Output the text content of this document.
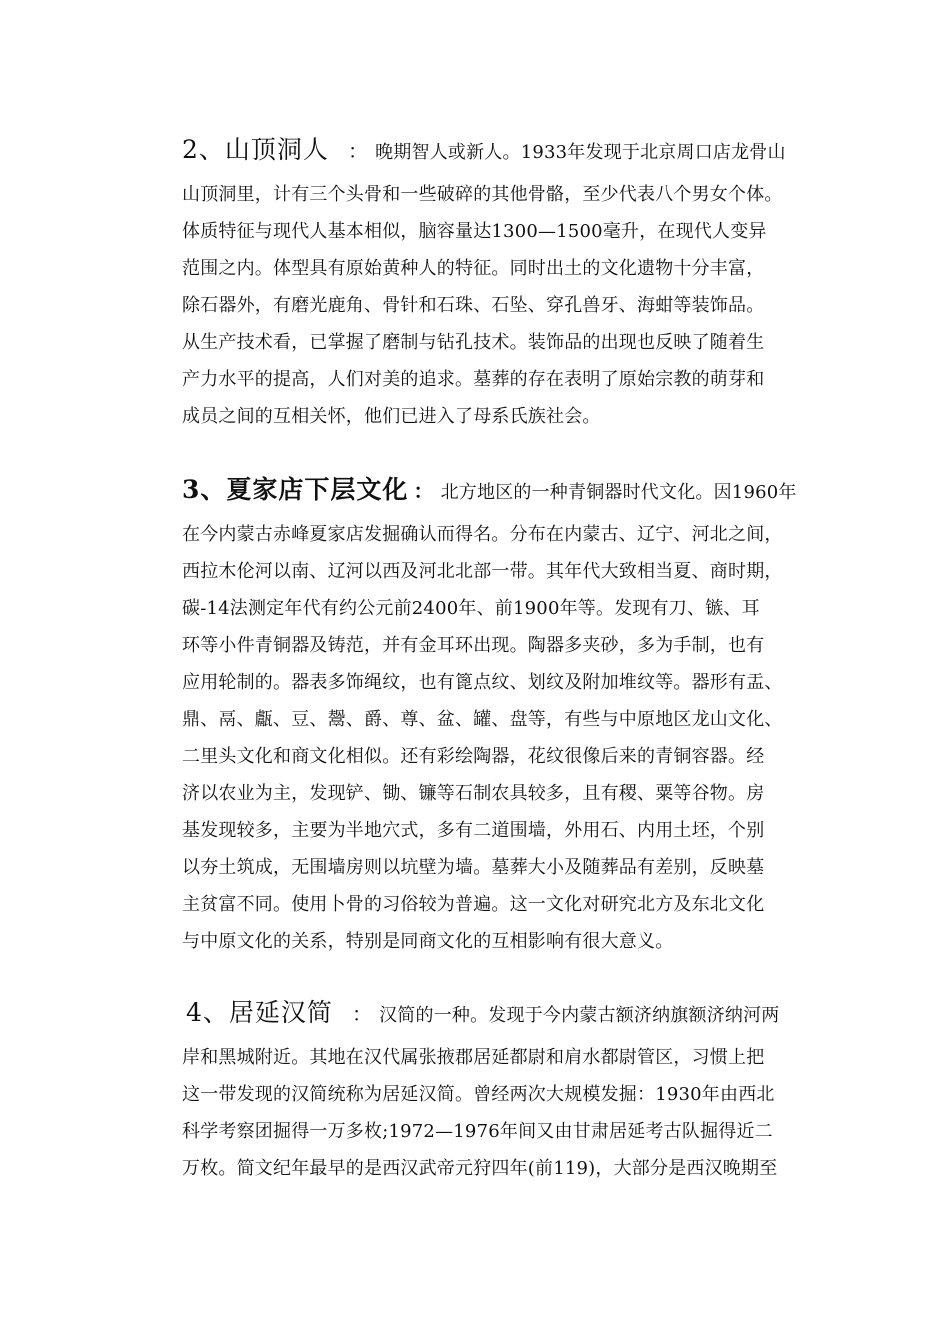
2、山顶洞人 ： 晚期智人或新人。1933年发现于北京周口店龙骨山
山顶洞里，计有三个头骨和一些破碎的其他骨骼，至少代表八个男女个体。
体质特征与现代人基本相似，脑容量达1300—1500毫升，在现代人变异
范围之内。体型具有原始黄种人的特征。同时出土的文化遗物十分丰富，
除石器外，有磨光鹿角、骨针和石珠、石坠、穿孔兽牙、海蚶等装饰品。
从生产技术看，已掌握了磨制与钻孔技术。装饰品的出现也反映了随着生
产力水平的提高，人们对美的追求。墓葬的存在表明了原始宗教的萌芽和
成员之间的互相关怀，他们已进入了母系氏族社会。
3、夏家店下层文化 ： 北方地区的一种青铜器时代文化。因1960年
在今内蒙古赤峰夏家店发掘确认而得名。分布在内蒙古、辽宁、河北之间，
西拉木伦河以南、辽河以西及河北北部一带。其年代大致相当夏、商时期，
碳-14法测定年代有约公元前2400年、前1900年等。发现有刀、镞、耳
环等小件青铜器及铸范，并有金耳环出现。陶器多夹砂，多为手制，也有
应用轮制的。器表多饰绳纹，也有篦点纹、划纹及附加堆纹等。器形有盂、
鼎、鬲、甗、豆、鬶、爵、尊、盆、罐、盘等，有些与中原地区龙山文化、
二里头文化和商文化相似。还有彩绘陶器，花纹很像后来的青铜容器。经
济以农业为主，发现铲、锄、镰等石制农具较多，且有稷、粟等谷物。房
基发现较多，主要为半地穴式，多有二道围墙，外用石、内用土坯，个别
以夯土筑成，无围墙房则以坑壁为墙。墓葬大小及随葬品有差别，反映墓
主贫富不同。使用卜骨的习俗较为普遍。这一文化对研究北方及东北文化
与中原文化的关系，特别是同商文化的互相影响有很大意义。
4、居延汉简 ： 汉简的一种。发现于今内蒙古额济纳旗额济纳河两
岸和黑城附近。其地在汉代属张掖郡居延都尉和肩水都尉管区，习惯上把
这一带发现的汉简统称为居延汉简。曾经两次大规模发掘：1930年由西北
科学考察团掘得一万多枚;1972—1976年间又由甘肃居延考古队掘得近二
万枚。简文纪年最早的是西汉武帝元狩四年(前119)，大部分是西汉晚期至
